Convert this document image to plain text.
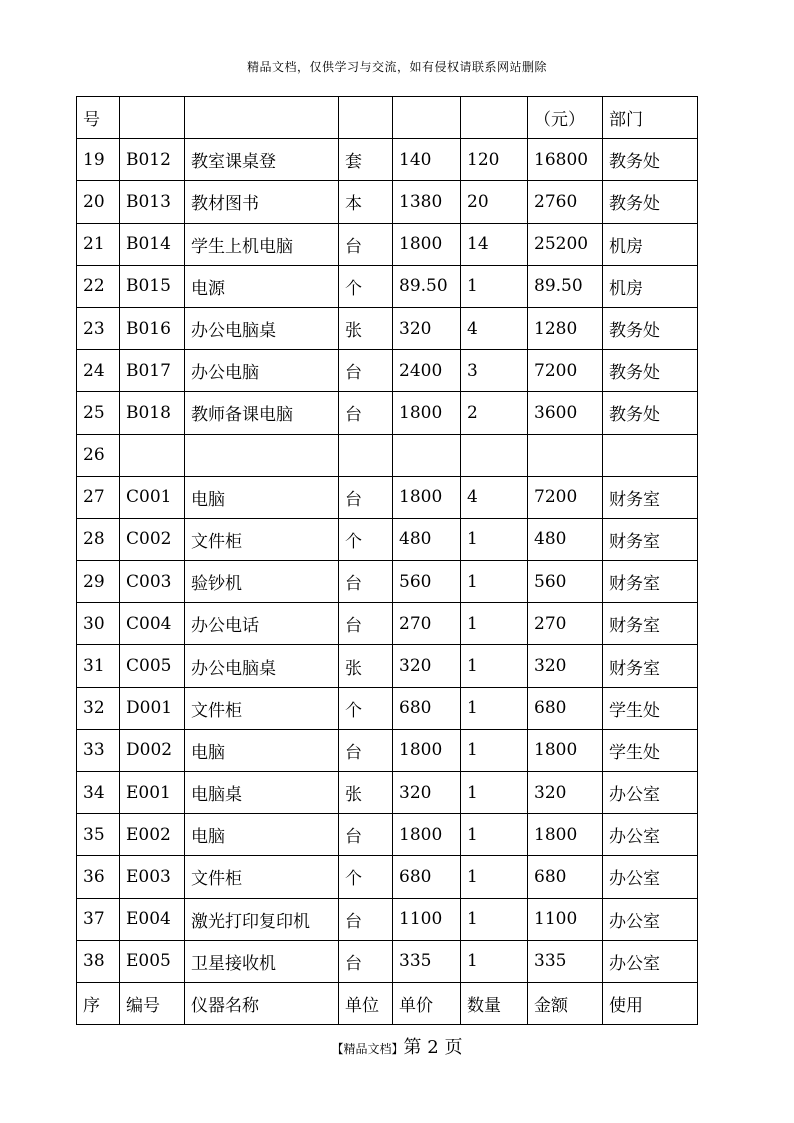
精品文档，仅供学习与交流，如有侵权请联系网站删除
号						（元）	部门
19	B012	教室课桌登	套	140	120	16800	教务处
20	B013	教材图书	本	1380	20	2760	教务处
21	B014	学生上机电脑	台	1800	14	25200	机房
22	B015	电源	个	89.50	1	89.50	机房
23	B016	办公电脑桌	张	320	4	1280	教务处
24	B017	办公电脑	台	2400	3	7200	教务处
25	B018	教师备课电脑	台	1800	2	3600	教务处
26							
27	C001	电脑	台	1800	4	7200	财务室
28	C002	文件柜	个	480	1	480	财务室
29	C003	验钞机	台	560	1	560	财务室
30	C004	办公电话	台	270	1	270	财务室
31	C005	办公电脑桌	张	320	1	320	财务室
32	D001	文件柜	个	680	1	680	学生处
33	D002	电脑	台	1800	1	1800	学生处
34	E001	电脑桌	张	320	1	320	办公室
35	E002	电脑	台	1800	1	1800	办公室
36	E003	文件柜	个	680	1	680	办公室
37	E004	激光打印复印机	台	1100	1	1100	办公室
38	E005	卫星接收机	台	335	1	335	办公室
序	编号	仪器名称	单位	单价	数量	金额	使用
【精品文档】第 2 页
